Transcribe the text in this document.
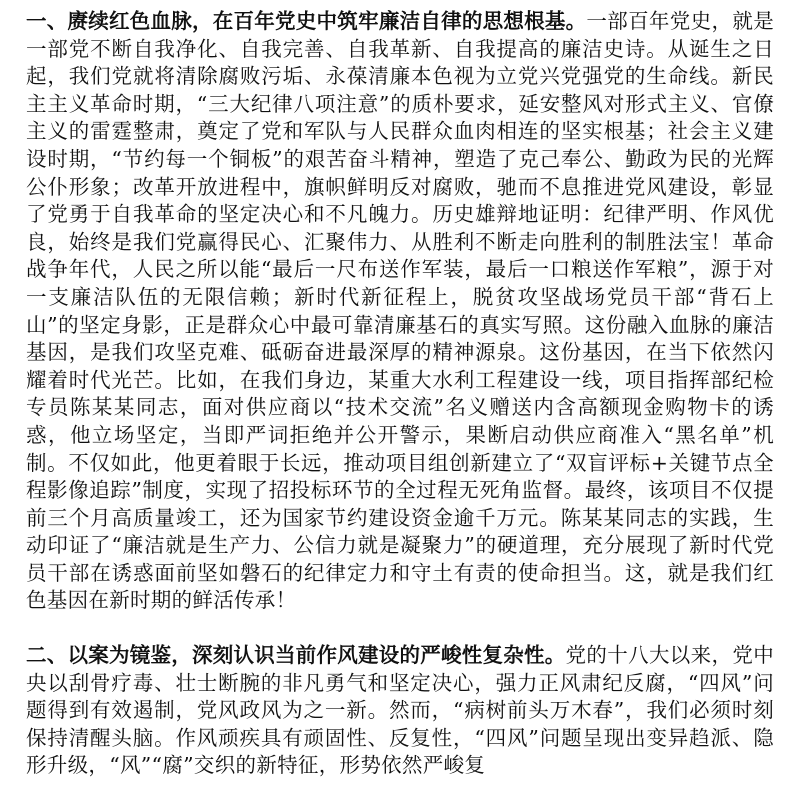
一、赓续红色血脉，在百年党史中筑牢廉洁自律的思想根基。一部百年党史，就是一部党不断自我净化、自我完善、自我革新、自我提高的廉洁史诗。从诞生之日起，我们党就将清除腐败污垢、永葆清廉本色视为立党兴党强党的生命线。新民主主义革命时期，“三大纪律八项注意”的质朴要求，延安整风对形式主义、官僚主义的雷霆整肃，奠定了党和军队与人民群众血肉相连的坚实根基；社会主义建设时期，“节约每一个铜板”的艰苦奋斗精神，塑造了克己奉公、勤政为民的光辉公仆形象；改革开放进程中，旗帜鲜明反对腐败，驰而不息推进党风建设，彰显了党勇于自我革命的坚定决心和不凡魄力。历史雄辩地证明：纪律严明、作风优良，始终是我们党赢得民心、汇聚伟力、从胜利不断走向胜利的制胜法宝！革命战争年代，人民之所以能“最后一尺布送作军装，最后一口粮送作军粮”，源于对一支廉洁队伍的无限信赖；新时代新征程上，脱贫攻坚战场党员干部“背石上山”的坚定身影，正是群众心中最可靠清廉基石的真实写照。这份融入血脉的廉洁基因，是我们攻坚克难、砥砺奋进最深厚的精神源泉。这份基因，在当下依然闪耀着时代光芒。比如，在我们身边，某重大水利工程建设一线，项目指挥部纪检专员陈某某同志，面对供应商以“技术交流”名义赠送内含高额现金购物卡的诱惑，他立场坚定，当即严词拒绝并公开警示，果断启动供应商准入“黑名单”机制。不仅如此，他更着眼于长远，推动项目组创新建立了“双盲评标+关键节点全程影像追踪”制度，实现了招投标环节的全过程无死角监督。最终，该项目不仅提前三个月高质量竣工，还为国家节约建设资金逾千万元。陈某某同志的实践，生动印证了“廉洁就是生产力、公信力就是凝聚力”的硬道理，充分展现了新时代党员干部在诱惑面前坚如磐石的纪律定力和守土有责的使命担当。这，就是我们红色基因在新时期的鲜活传承！

二、以案为镜鉴，深刻认识当前作风建设的严峻性复杂性。党的十八大以来，党中央以刮骨疗毒、壮士断腕的非凡勇气和坚定决心，强力正风肃纪反腐，“四风”问题得到有效遏制，党风政风为之一新。然而，“病树前头万木春”，我们必须时刻保持清醒头脑。作风顽疾具有顽固性、反复性，“四风”问题呈现出变异趋派、隐形升级，“风”“腐”交织的新特征，形势依然严峻复
